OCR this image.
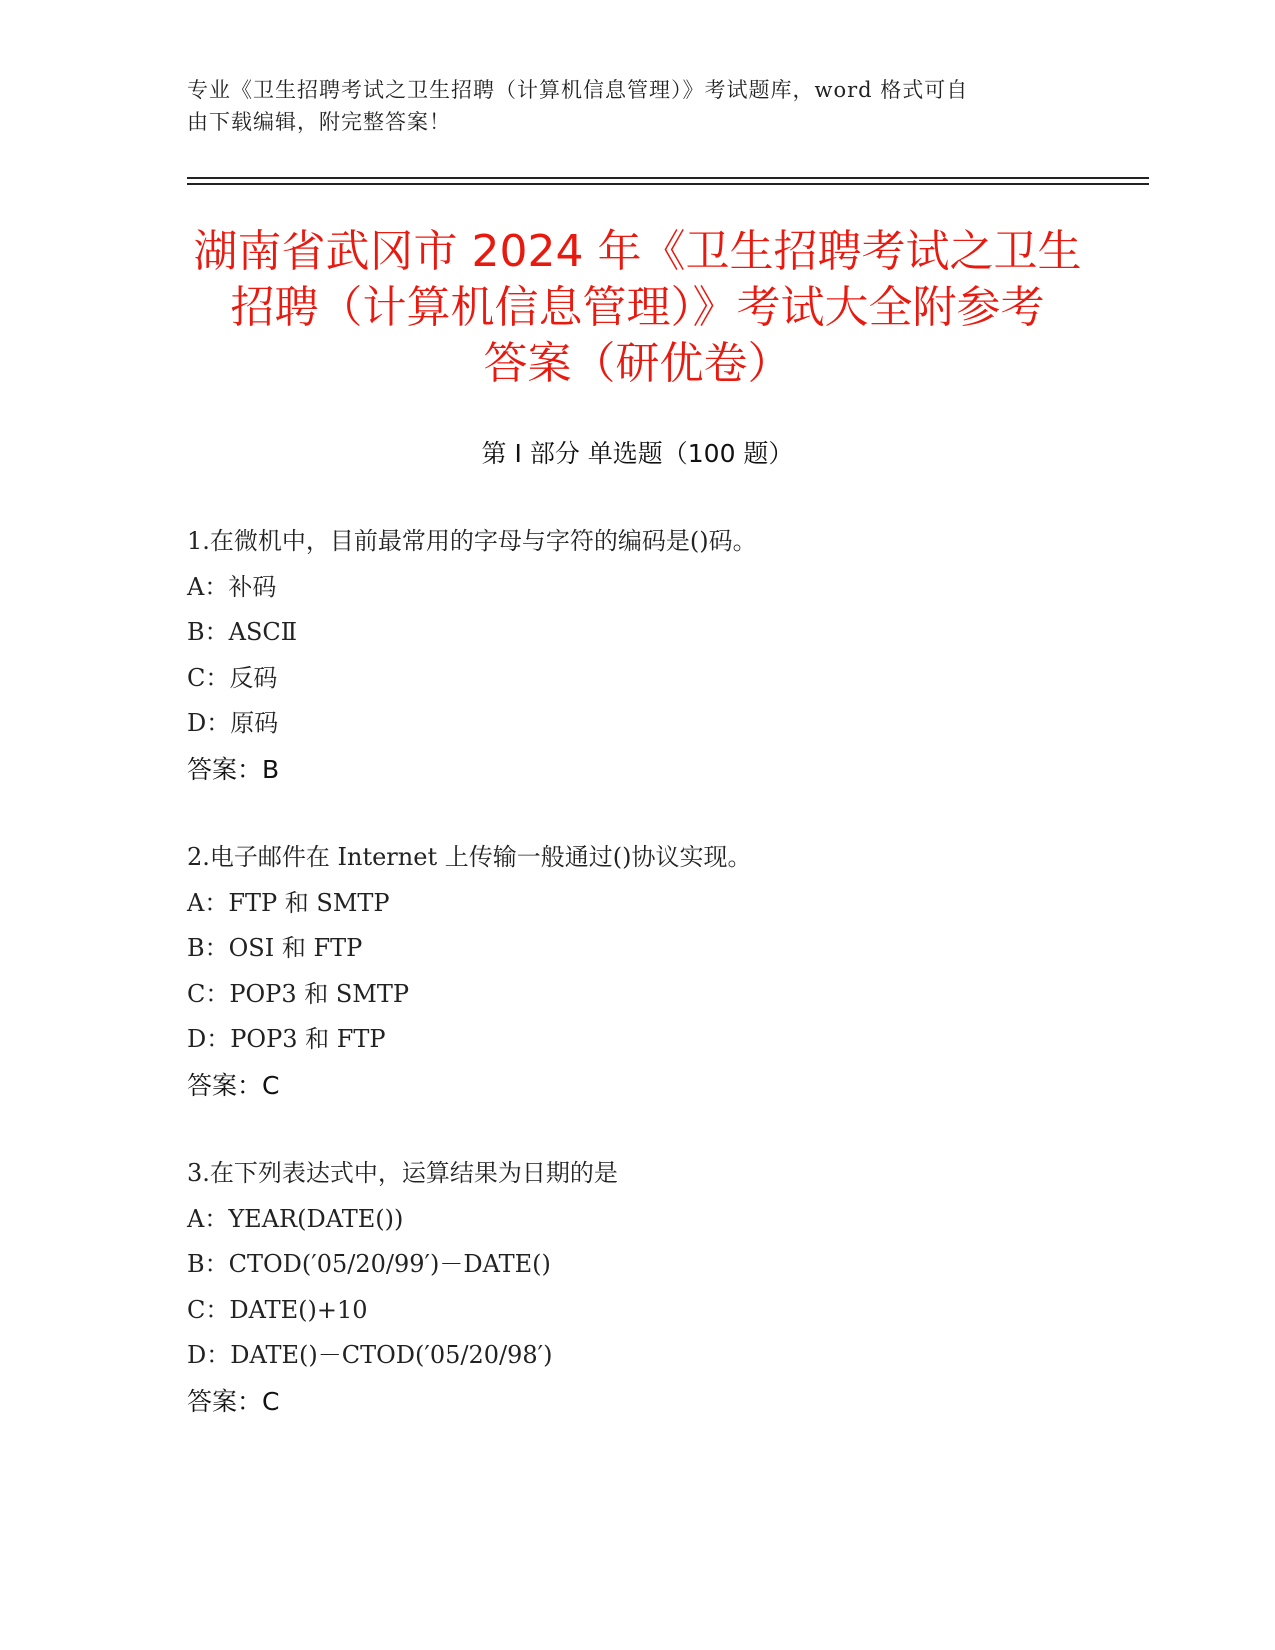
专业《卫生招聘考试之卫生招聘（计算机信息管理）》考试题库，word 格式可自
由下载编辑，附完整答案！
湖南省武冈市 2024 年《卫生招聘考试之卫生
招聘（计算机信息管理）》考试大全附参考
答案（研优卷）
第 I 部分 单选题（100 题）
1.在微机中，目前最常用的字母与字符的编码是()码。
A：补码
B：ASCⅡ
C：反码
D：原码
答案：B
2.电子邮件在 Internet 上传输一般通过()协议实现。
A：FTP 和 SMTP
B：OSI 和 FTP
C：POP3 和 SMTP
D：POP3 和 FTP
答案：C
3.在下列表达式中，运算结果为日期的是
A：YEAR(DATE())
B：CTOD(′05/20/99′)－DATE()
C：DATE()+10
D：DATE()－CTOD(′05/20/98′)
答案：C
